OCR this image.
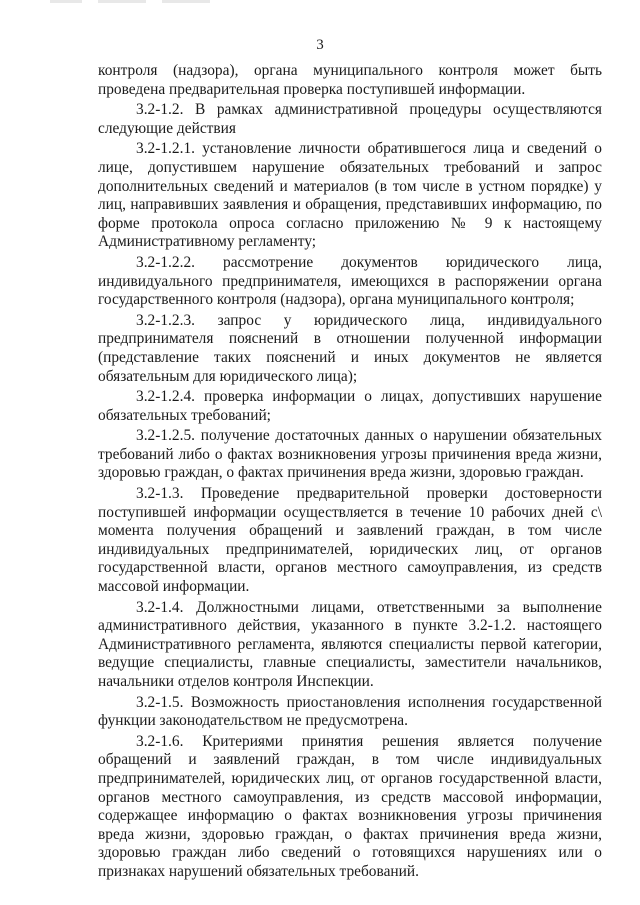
3

контроля (надзора), органа муниципального контроля может быть проведена предварительная проверка поступившей информации.

3.2-1.2. В рамках административной процедуры осуществляются следующие действия

3.2-1.2.1. установление личности обратившегося лица и сведений о лице, допустившем нарушение обязательных требований и запрос дополнительных сведений и материалов (в том числе в устном порядке) у лиц, направивших заявления и обращения, представивших информацию, по форме протокола опроса согласно приложению № 9 к настоящему Административному регламенту;

3.2-1.2.2. рассмотрение документов юридического лица, индивидуального предпринимателя, имеющихся в распоряжении органа государственного контроля (надзора), органа муниципального контроля;

3.2-1.2.3. запрос у юридического лица, индивидуального предпринимателя пояснений в отношении полученной информации (представление таких пояснений и иных документов не является обязательным для юридического лица);

3.2-1.2.4. проверка информации о лицах, допустивших нарушение обязательных требований;

3.2-1.2.5. получение достаточных данных о нарушении обязательных требований либо о фактах возникновения угрозы причинения вреда жизни, здоровью граждан, о фактах причинения вреда жизни, здоровью граждан.

3.2-1.3. Проведение предварительной проверки достоверности поступившей информации осуществляется в течение 10 рабочих дней с\ момента получения обращений и заявлений граждан, в том числе индивидуальных предпринимателей, юридических лиц, от органов государственной власти, органов местного самоуправления, из средств массовой информации.

3.2-1.4. Должностными лицами, ответственными за выполнение административного действия, указанного в пункте 3.2-1.2. настоящего Административного регламента, являются специалисты первой категории, ведущие специалисты, главные специалисты, заместители начальников, начальники отделов контроля Инспекции.

3.2-1.5. Возможность приостановления исполнения государственной функции законодательством не предусмотрена.

3.2-1.6. Критериями принятия решения является получение обращений и заявлений граждан, в том числе индивидуальных предпринимателей, юридических лиц, от органов государственной власти, органов местного самоуправления, из средств массовой информации, содержащее информацию о фактах возникновения угрозы причинения вреда жизни, здоровью граждан, о фактах причинения вреда жизни, здоровью граждан либо сведений о готовящихся нарушениях или о признаках нарушений обязательных требований.
